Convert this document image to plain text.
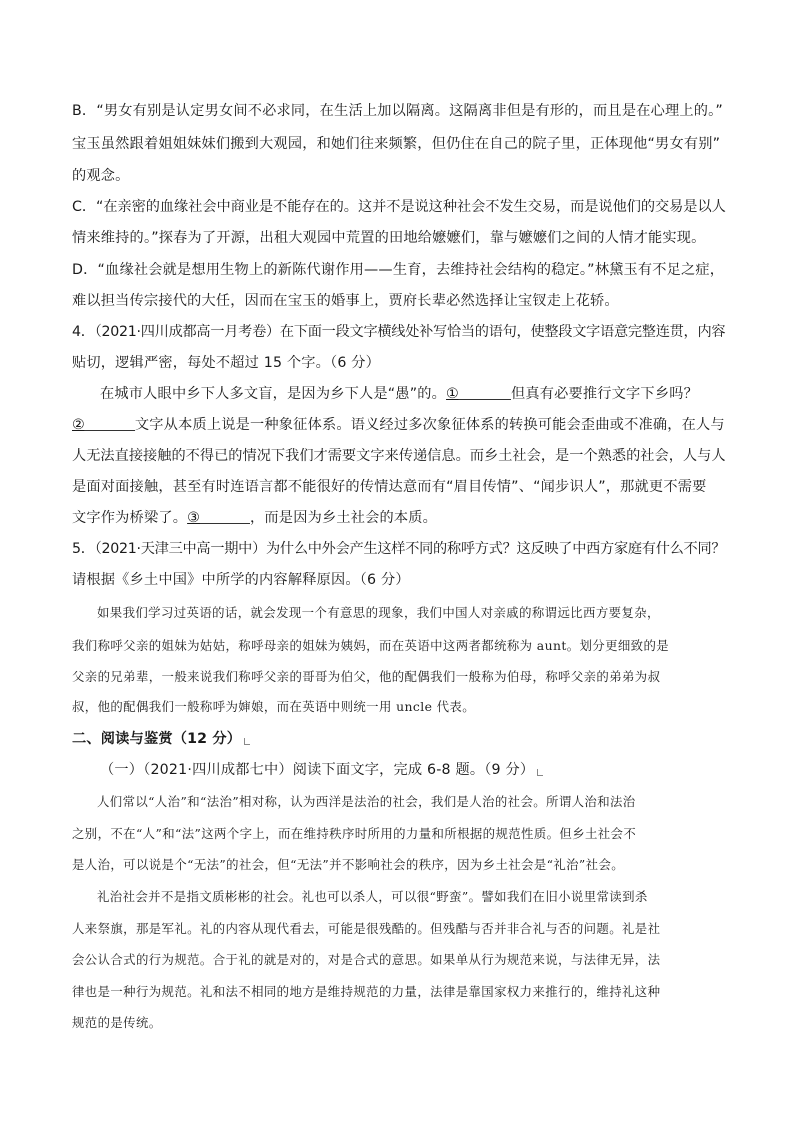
B．“男女有别是认定男女间不必求同，在生活上加以隔离。这隔离非但是有形的，而且是在心理上的。”
宝玉虽然跟着姐姐妹妹们搬到大观园，和她们往来频繁，但仍住在自己的院子里，正体现他“男女有别”
的观念。
C．“在亲密的血缘社会中商业是不能存在的。这并不是说这种社会不发生交易，而是说他们的交易是以人
情来维持的。”探春为了开源，出租大观园中荒置的田地给嬷嬷们，靠与嬷嬷们之间的人情才能实现。
D．“血缘社会就是想用生物上的新陈代谢作用——生育，去维持社会结构的稳定。”林黛玉有不足之症，
难以担当传宗接代的大任，因而在宝玉的婚事上，贾府长辈必然选择让宝钗走上花轿。
4．（2021·四川成都高一月考卷）在下面一段文字横线处补写恰当的语句，使整段文字语意完整连贯，内容
贴切，逻辑严密，每处不超过 15 个字。（6 分）
在城市人眼中乡下人多文盲，是因为乡下人是“愚”的。①	但真有必要推行文字下乡吗？
②	文字从本质上说是一种象征体系。语义经过多次象征体系的转换可能会歪曲或不准确，在人与
人无法直接接触的不得已的情况下我们才需要文字来传递信息。而乡土社会，是一个熟悉的社会，人与人
是面对面接触，甚至有时连语言都不能很好的传情达意而有“眉目传情”、“闻步识人”，那就更不需要
文字作为桥梁了。③	，而是因为乡土社会的本质。
5．（2021·天津三中高一期中）为什么中外会产生这样不同的称呼方式？这反映了中西方家庭有什么不同？
请根据《乡土中国》中所学的内容解释原因。（6 分）
如果我们学习过英语的话，就会发现一个有意思的现象，我们中国人对亲戚的称谓远比西方要复杂，
我们称呼父亲的姐妹为姑姑，称呼母亲的姐妹为姨妈，而在英语中这两者都统称为 aunt。划分更细致的是
父亲的兄弟辈，一般来说我们称呼父亲的哥哥为伯父，他的配偶我们一般称为伯母，称呼父亲的弟弟为叔
叔，他的配偶我们一般称呼为婶娘，而在英语中则统一用 uncle 代表。
二、阅读与鉴赏（12 分）
（一）（2021·四川成都七中）阅读下面文字，完成 6-8 题。（9 分）
人们常以“人治”和“法治”相对称，认为西洋是法治的社会，我们是人治的社会。所谓人治和法治
之别，不在“人”和“法”这两个字上，而在维持秩序时所用的力量和所根据的规范性质。但乡土社会不
是人治，可以说是个“无法”的社会，但“无法”并不影响社会的秩序，因为乡土社会是“礼治”社会。
礼治社会并不是指文质彬彬的社会。礼也可以杀人，可以很“野蛮”。譬如我们在旧小说里常读到杀
人来祭旗，那是军礼。礼的内容从现代看去，可能是很残酷的。但残酷与否并非合礼与否的问题。礼是社
会公认合式的行为规范。合于礼的就是对的，对是合式的意思。如果单从行为规范来说，与法律无异，法
律也是一种行为规范。礼和法不相同的地方是维持规范的力量，法律是靠国家权力来推行的，维持礼这种
规范的是传统。
